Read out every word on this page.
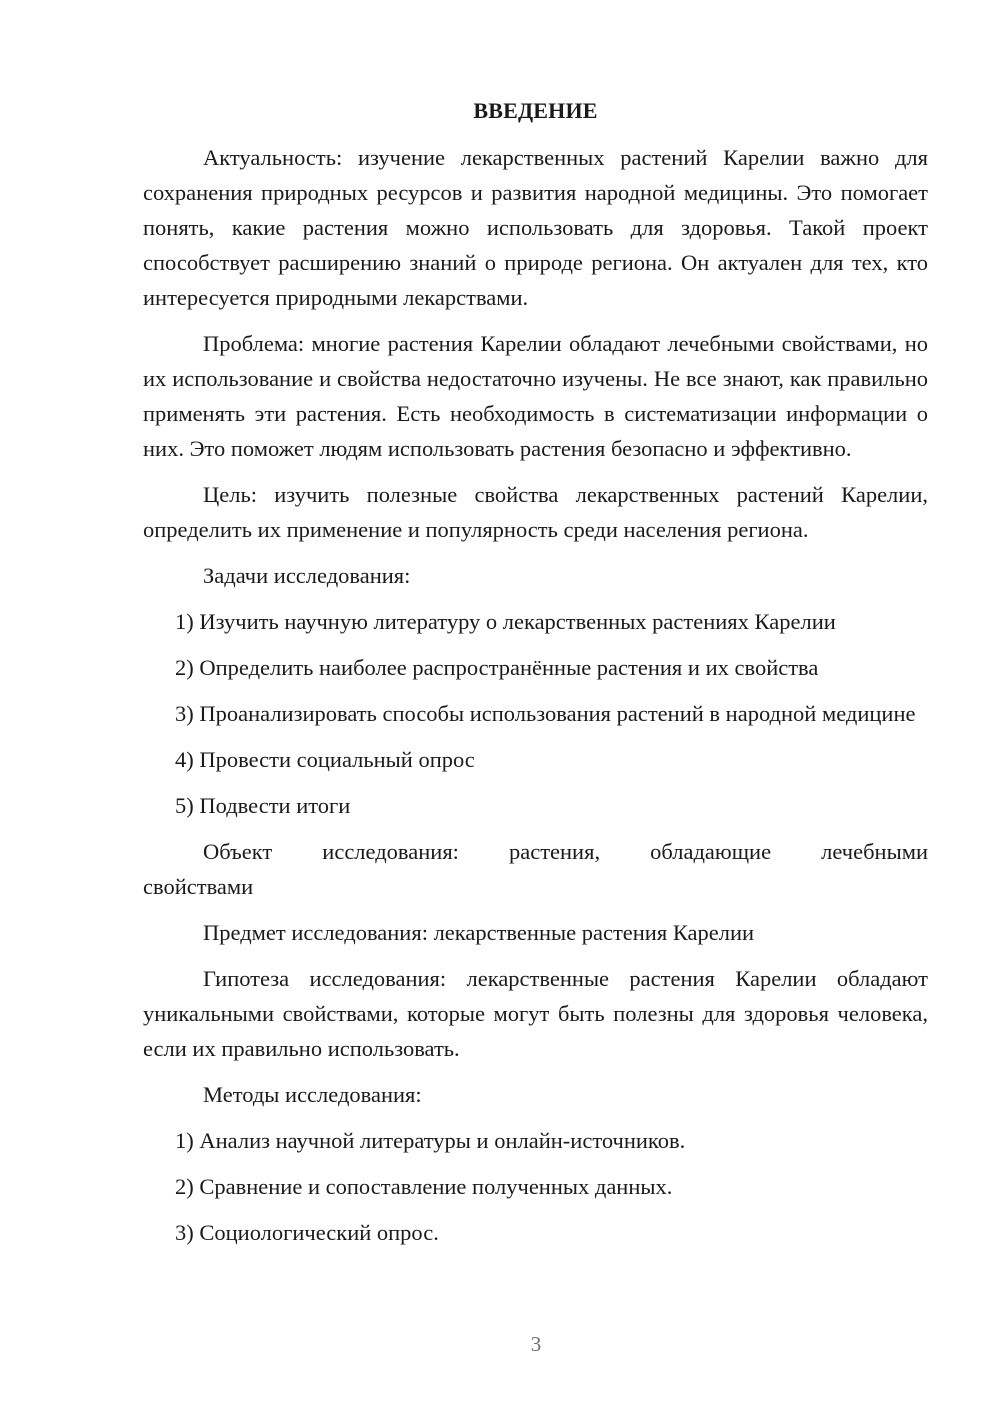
ВВЕДЕНИЕ

Актуальность: изучение лекарственных растений Карелии важно для сохранения природных ресурсов и развития народной медицины. Это помогает понять, какие растения можно использовать для здоровья. Такой проект способствует расширению знаний о природе региона. Он актуален для тех, кто интересуется природными лекарствами.

Проблема: многие растения Карелии обладают лечебными свойствами, но их использование и свойства недостаточно изучены. Не все знают, как правильно применять эти растения. Есть необходимость в систематизации информации о них. Это поможет людям использовать растения безопасно и эффективно.

Цель: изучить полезные свойства лекарственных растений Карелии, определить их применение и популярность среди населения региона.

Задачи исследования:

1) Изучить научную литературу о лекарственных растениях Карелии

2) Определить наиболее распространённые растения и их свойства

3) Проанализировать способы использования растений в народной медицине

4) Провести социальный опрос

5) Подвести итоги

Объект исследования: растения, обладающие лечебными

свойствами

Предмет исследования: лекарственные растения Карелии

Гипотеза исследования: лекарственные растения Карелии обладают уникальными свойствами, которые могут быть полезны для здоровья человека, если их правильно использовать.

Методы исследования:

1) Анализ научной литературы и онлайн-источников.

2) Сравнение и сопоставление полученных данных.

3) Социологический опрос.

3
